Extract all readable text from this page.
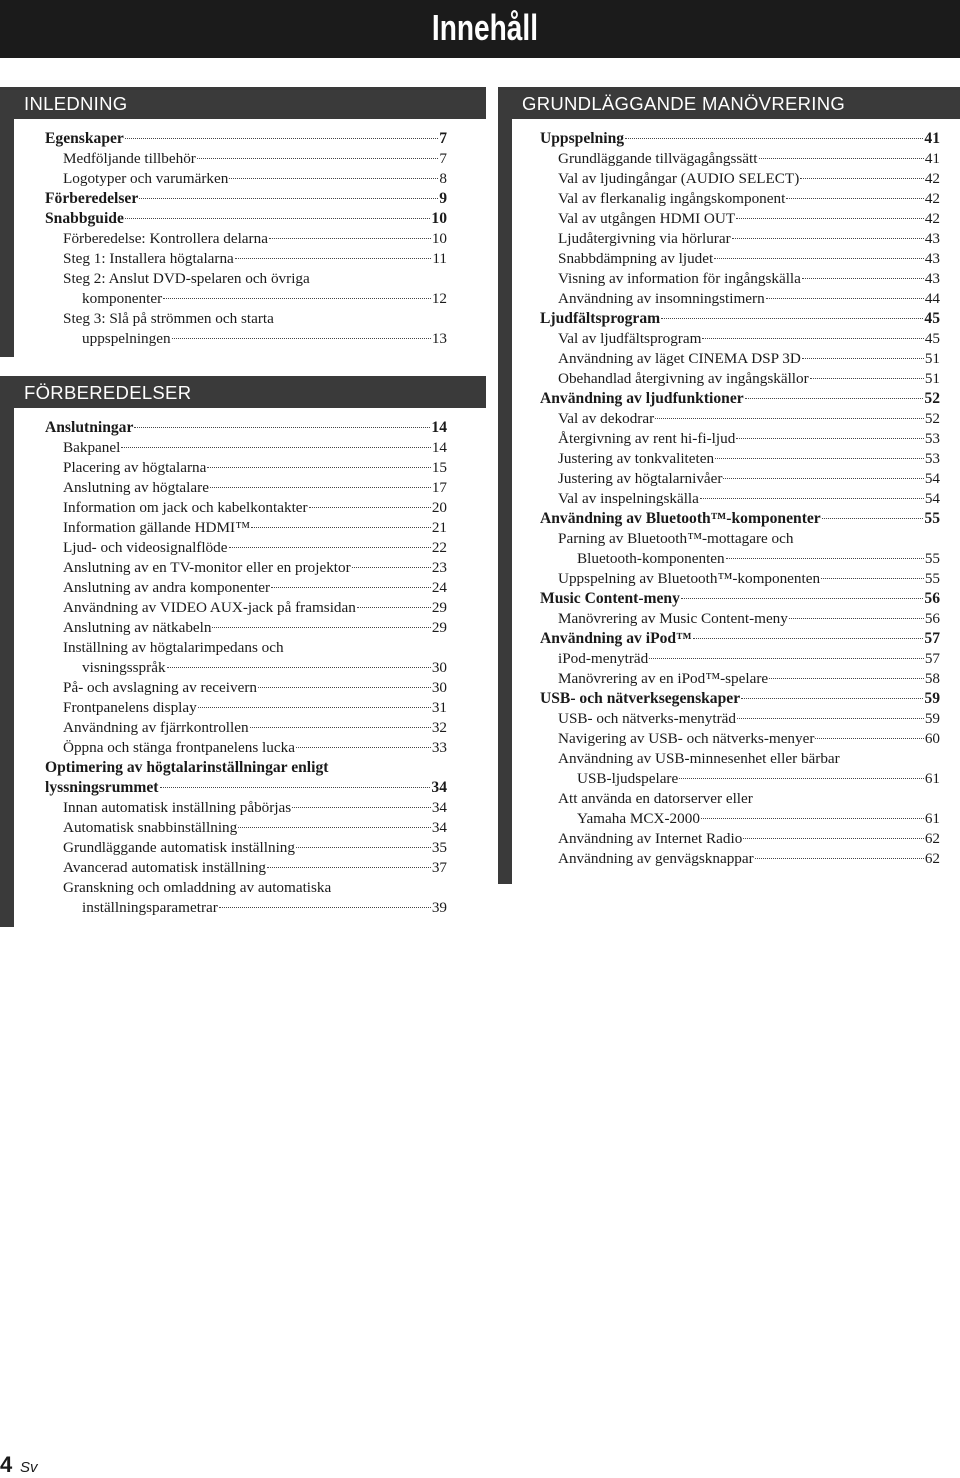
Innehåll
INLEDNING
Egenskaper	7
Medföljande tillbehör	7
Logotyper och varumärken	8
Förberedelser	9
Snabbguide	10
Förberedelse: Kontrollera delarna	10
Steg 1: Installera högtalarna	11
Steg 2: Anslut DVD-spelaren och övriga
komponenter	12
Steg 3: Slå på strömmen och starta
uppspelningen	13
FÖRBEREDELSER
Anslutningar	14
Bakpanel	14
Placering av högtalarna	15
Anslutning av högtalare	17
Information om jack och kabelkontakter	20
Information gällande HDMI™	21
Ljud- och videosignalflöde	22
Anslutning av en TV-monitor eller en projektor	23
Anslutning av andra komponenter	24
Användning av VIDEO AUX-jack på framsidan	29
Anslutning av nätkabeln	29
Inställning av högtalarimpedans och
visningsspråk	30
På- och avslagning av receivern	30
Frontpanelens display	31
Användning av fjärrkontrollen	32
Öppna och stänga frontpanelens lucka	33
Optimering av högtalarinställningar enligt
lyssningsrummet	34
Innan automatisk inställning påbörjas	34
Automatisk snabbinställning	34
Grundläggande automatisk inställning	35
Avancerad automatisk inställning	37
Granskning och omladdning av automatiska
inställningsparametrar	39
GRUNDLÄGGANDE MANÖVRERING
Uppspelning	41
Grundläggande tillvägagångssätt	41
Val av ljudingångar (AUDIO SELECT)	42
Val av flerkanalig ingångskomponent	42
Val av utgången HDMI OUT	42
Ljudåtergivning via hörlurar	43
Snabbdämpning av ljudet	43
Visning av information för ingångskälla	43
Användning av insomningstimern	44
Ljudfältsprogram	45
Val av ljudfältsprogram	45
Användning av läget CINEMA DSP 3D	51
Obehandlad återgivning av ingångskällor	51
Användning av ljudfunktioner	52
Val av dekodrar	52
Återgivning av rent hi-fi-ljud	53
Justering av tonkvaliteten	53
Justering av högtalarnivåer	54
Val av inspelningskälla	54
Användning av Bluetooth™-komponenter	55
Parning av Bluetooth™-mottagare och
Bluetooth-komponenten	55
Uppspelning av Bluetooth™-komponenten	55
Music Content-meny	56
Manövrering av Music Content-meny	56
Användning av iPod™	57
iPod-menyträd	57
Manövrering av en iPod™-spelare	58
USB- och nätverksegenskaper	59
USB- och nätverks-menyträd	59
Navigering av USB- och nätverks-menyer	60
Användning av USB-minnesenhet eller bärbar
USB-ljudspelare	61
Att använda en datorserver eller
Yamaha MCX-2000	61
Användning av Internet Radio	62
Användning av genvägsknappar	62
4 Sv
